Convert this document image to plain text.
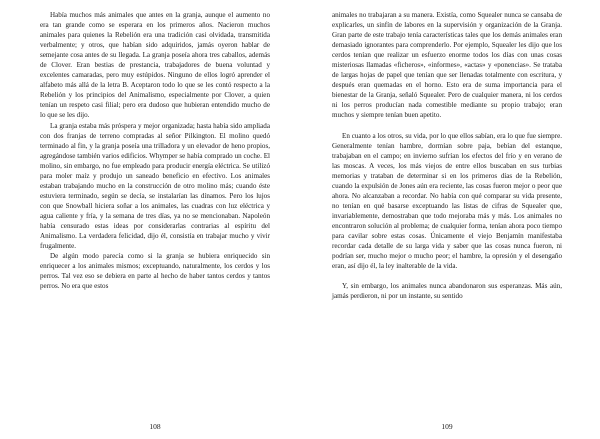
Había muchos más animales que antes en la granja, aunque el aumento no era tan grande como se esperara en los primeros años. Nacieron muchos animales para quienes la Rebelión era una tradición casi olvidada, transmitida verbalmente; y otros, que habían sido adquiridos, jamás oyeron hablar de semejante cosa antes de su llegada. La granja poseía ahora tres caballos, además de Clover. Eran bestias de prestancia, trabajadores de buena voluntad y excelentes camaradas, pero muy estúpidos. Ninguno de ellos logró aprender el alfabeto más allá de la letra B. Aceptaron todo lo que se les contó respecto a la Rebelión y los principios del Animalismo, especialmente por Clover, a quien tenían un respeto casi filial; pero era dudoso que hubieran entendido mucho de lo que se les dijo.

La granja estaba más próspera y mejor organizada; hasta había sido ampliada con dos franjas de terreno compradas al señor Pilkington. El molino quedó terminado al fin, y la granja poseía una trilladora y un elevador de heno propios, agregándose también varios edificios. Whymper se había comprado un coche. El molino, sin embargo, no fue empleado para producir energía eléctrica. Se utilizó para moler maíz y produjo un saneado beneficio en efectivo. Los animales estaban trabajando mucho en la construcción de otro molino más; cuando éste estuviera terminado, según se decía, se instalarían las dínamos. Pero los lujos con que Snowball hiciera soñar a los animales, las cuadras con luz eléctrica y agua caliente y fría, y la semana de tres días, ya no se mencionaban. Napoleón había censurado estas ideas por considerarlas contrarias al espíritu del Animalismo. La verdadera felicidad, dijo él, consistía en trabajar mucho y vivir frugalmente.

De algún modo parecía como si la granja se hubiera enriquecido sin enriquecer a los animales mismos; exceptuando, naturalmente, los cerdos y los perros. Tal vez eso se debiera en parte al hecho de haber tantos cerdos y tantos perros. No era que estos

108

animales no trabajaran a su manera. Existía, como Squealer nunca se cansaba de explicarles, un sinfín de labores en la supervisión y organización de la Granja. Gran parte de este trabajo tenía características tales que los demás animales eran demasiado ignorantes para comprenderlo. Por ejemplo, Squealer les dijo que los cerdos tenían que realizar un esfuerzo enorme todos los días con unas cosas misteriosas llamadas «ficheros», «informes», «actas» y «ponencias». Se trataba de largas hojas de papel que tenían que ser llenadas totalmente con escritura, y después eran quemadas en el horno. Esto era de suma importancia para el bienestar de la Granja, señaló Squealer. Pero de cualquier manera, ni los cerdos ni los perros producían nada comestible mediante su propio trabajo; eran muchos y siempre tenían buen apetito.

En cuanto a los otros, su vida, por lo que ellos sabían, era lo que fue siempre. Generalmente tenían hambre, dormían sobre paja, bebían del estanque, trabajaban en el campo; en invierno sufrían los efectos del frío y en verano de las moscas. A veces, los más viejos de entre ellos buscaban en sus turbias memorias y trataban de determinar si en los primeros días de la Rebelión, cuando la expulsión de Jones aún era reciente, las cosas fueron mejor o peor que ahora. No alcanzaban a recordar. No había con qué comparar su vida presente, no tenían en qué basarse exceptuando las listas de cifras de Squealer que, invariablemente, demostraban que todo mejoraba más y más. Los animales no encontraron solución al problema; de cualquier forma, tenían ahora poco tiempo para cavilar sobre estas cosas. Únicamente el viejo Benjamín manifestaba recordar cada detalle de su larga vida y saber que las cosas nunca fueron, ni podrían ser, mucho mejor o mucho peor; el hambre, la opresión y el desengaño eran, así dijo él, la ley inalterable de la vida.

Y, sin embargo, los animales nunca abandonaron sus esperanzas. Más aún, jamás perdieron, ni por un instante, su sentido

109
